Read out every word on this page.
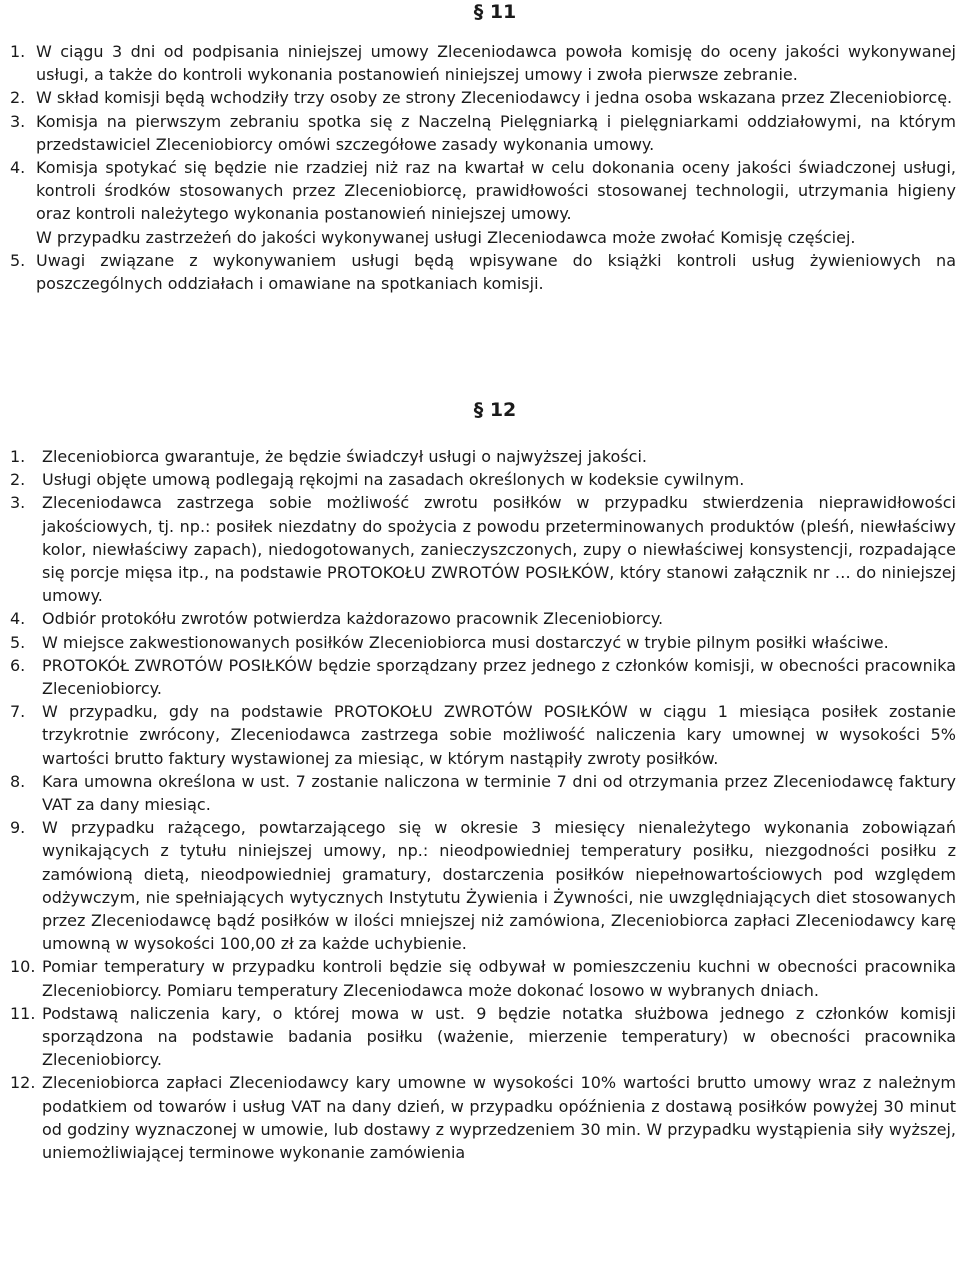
§ 11
1. W ciągu 3 dni od podpisania niniejszej umowy Zleceniodawca powoła komisję do oceny jakości wykonywanej usługi, a także do kontroli wykonania postanowień niniejszej umowy i zwoła pierwsze zebranie.
2. W skład komisji będą wchodziły trzy osoby ze strony Zleceniodawcy i jedna osoba wskazana przez Zleceniobiorcę.
3. Komisja na pierwszym zebraniu spotka się z Naczelną Pielęgniarką i pielęgniarkami oddziałowymi, na którym przedstawiciel Zleceniobiorcy omówi szczegółowe zasady wykonania umowy.
4. Komisja spotykać się będzie nie rzadziej niż raz na kwartał w celu dokonania oceny jakości świadczonej usługi, kontroli środków stosowanych przez Zleceniobiorcę, prawidłowości stosowanej technologii, utrzymania higieny oraz kontroli należytego wykonania postanowień niniejszej umowy.
W przypadku zastrzeżeń do jakości wykonywanej usługi Zleceniodawca może zwołać Komisję częściej.
5. Uwagi związane z wykonywaniem usługi będą wpisywane do książki kontroli usług żywieniowych na poszczególnych oddziałach i omawiane na spotkaniach komisji.
§ 12
1. Zleceniobiorca gwarantuje, że będzie świadczył usługi o najwyższej jakości.
2. Usługi objęte umową podlegają rękojmi na zasadach określonych w kodeksie cywilnym.
3. Zleceniodawca zastrzega sobie możliwość zwrotu posiłków w przypadku stwierdzenia nieprawidłowości jakościowych, tj. np.: posiłek niezdatny do spożycia z powodu przeterminowanych produktów (pleśń, niewłaściwy kolor, niewłaściwy zapach), niedogotowanych, zanieczyszczonych, zupy o niewłaściwej konsystencji, rozpadające się porcje mięsa itp., na podstawie PROTOKOŁU ZWROTÓW POSIŁKÓW, który stanowi załącznik nr … do niniejszej umowy.
4. Odbiór protokółu zwrotów potwierdza każdorazowo pracownik Zleceniobiorcy.
5. W miejsce zakwestionowanych posiłków Zleceniobiorca musi dostarczyć w trybie pilnym posiłki właściwe.
6. PROTOKÓŁ ZWROTÓW POSIŁKÓW będzie sporządzany przez jednego z członków komisji, w obecności pracownika Zleceniobiorcy.
7. W przypadku, gdy na podstawie PROTOKOŁU ZWROTÓW POSIŁKÓW w ciągu 1 miesiąca posiłek zostanie trzykrotnie zwrócony, Zleceniodawca zastrzega sobie możliwość naliczenia kary umownej w wysokości 5% wartości brutto faktury wystawionej za miesiąc, w którym nastąpiły zwroty posiłków.
8. Kara umowna określona w ust. 7 zostanie naliczona w terminie 7 dni od otrzymania przez Zleceniodawcę faktury VAT za dany miesiąc.
9. W przypadku rażącego, powtarzającego się w okresie 3 miesięcy nienależytego wykonania zobowiązań wynikających z tytułu niniejszej umowy, np.: nieodpowiedniej temperatury posiłku, niezgodności posiłku z zamówioną dietą, nieodpowiedniej gramatury, dostarczenia posiłków niepełnowartościowych pod względem odżywczym, nie spełniających wytycznych Instytutu Żywienia i Żywności, nie uwzględniających diet stosowanych przez Zleceniodawcę bądź posiłków w ilości mniejszej niż zamówiona, Zleceniobiorca zapłaci Zleceniodawcy karę umowną w wysokości 100,00 zł za każde uchybienie.
10. Pomiar temperatury w przypadku kontroli będzie się odbywał w pomieszczeniu kuchni w obecności pracownika Zleceniobiorcy. Pomiaru temperatury Zleceniodawca może dokonać losowo w wybranych dniach.
11. Podstawą naliczenia kary, o której mowa w ust. 9 będzie notatka służbowa jednego z członków komisji sporządzona na podstawie badania posiłku (ważenie, mierzenie temperatury) w obecności pracownika Zleceniobiorcy.
12. Zleceniobiorca zapłaci Zleceniodawcy kary umowne w wysokości 10% wartości brutto umowy wraz z należnym podatkiem od towarów i usług VAT na dany dzień, w przypadku opóźnienia z dostawą posiłków powyżej 30 minut od godziny wyznaczonej w umowie, lub dostawy z wyprzedzeniem 30 min. W przypadku wystąpienia siły wyższej, uniemożliwiającej terminowe wykonanie zamówienia
